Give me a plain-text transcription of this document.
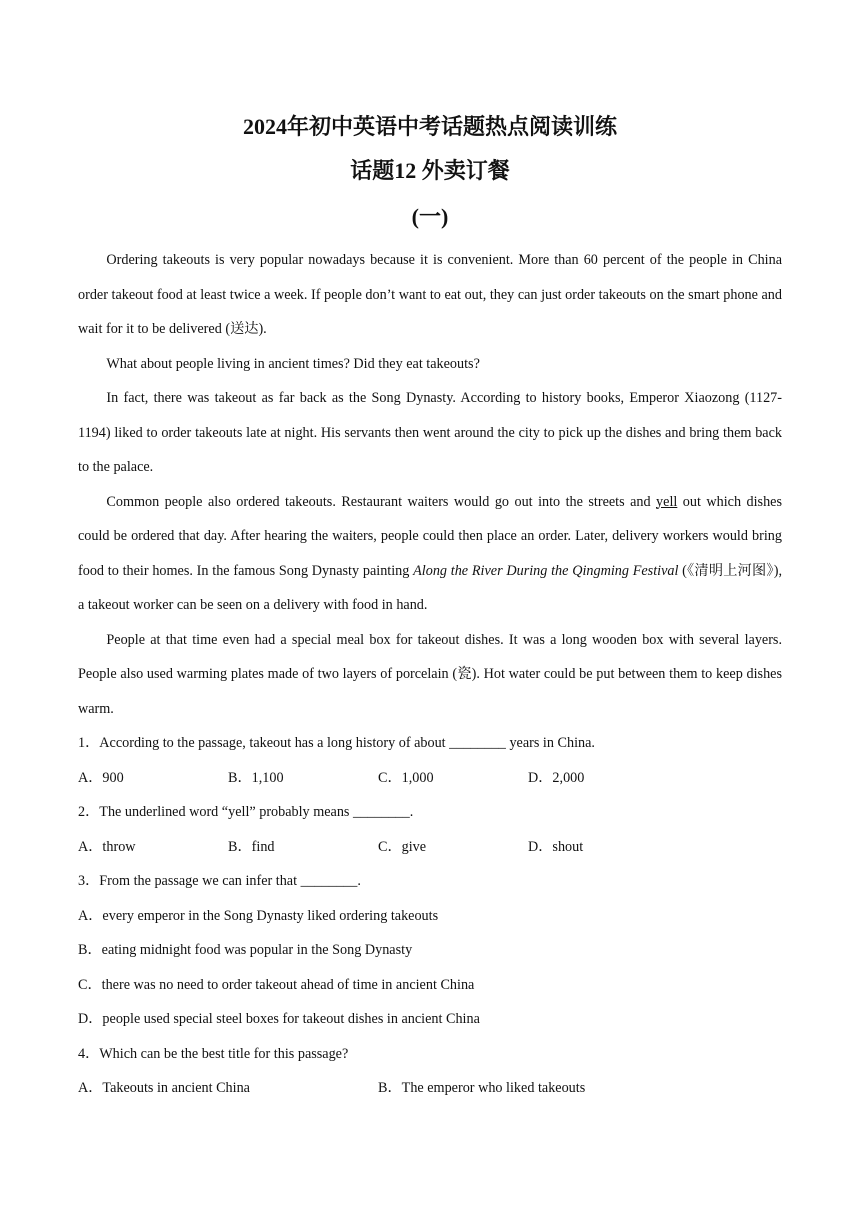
2024年初中英语中考话题热点阅读训练
话题12 外卖订餐
(一)

Ordering takeouts is very popular nowadays because it is convenient. More than 60 percent of the people in China order takeout food at least twice a week. If people don’t want to eat out, they can just order takeouts on the smart phone and wait for it to be delivered (送达).

What about people living in ancient times? Did they eat takeouts?

In fact, there was takeout as far back as the Song Dynasty. According to history books, Emperor Xiaozong (1127-1194) liked to order takeouts late at night. His servants then went around the city to pick up the dishes and bring them back to the palace.

Common people also ordered takeouts. Restaurant waiters would go out into the streets and yell out which dishes could be ordered that day. After hearing the waiters, people could then place an order. Later, delivery workers would bring food to their homes. In the famous Song Dynasty painting Along the River During the Qingming Festival (《清明上河图》), a takeout worker can be seen on a delivery with food in hand.

People at that time even had a special meal box for takeout dishes. It was a long wooden box with several layers. People also used warming plates made of two layers of porcelain (瓷). Hot water could be put between them to keep dishes warm.

1．According to the passage, takeout has a long history of about ________ years in China.

A．900	B．1,100	C．1,000	D．2,000

2．The underlined word “yell” probably means ________.

A．throw	B．find	C．give	D．shout

3．From the passage we can infer that ________.

A．every emperor in the Song Dynasty liked ordering takeouts

B．eating midnight food was popular in the Song Dynasty

C．there was no need to order takeout ahead of time in ancient China

D．people used special steel boxes for takeout dishes in ancient China

4．Which can be the best title for this passage?

A．Takeouts in ancient China	B．The emperor who liked takeouts
